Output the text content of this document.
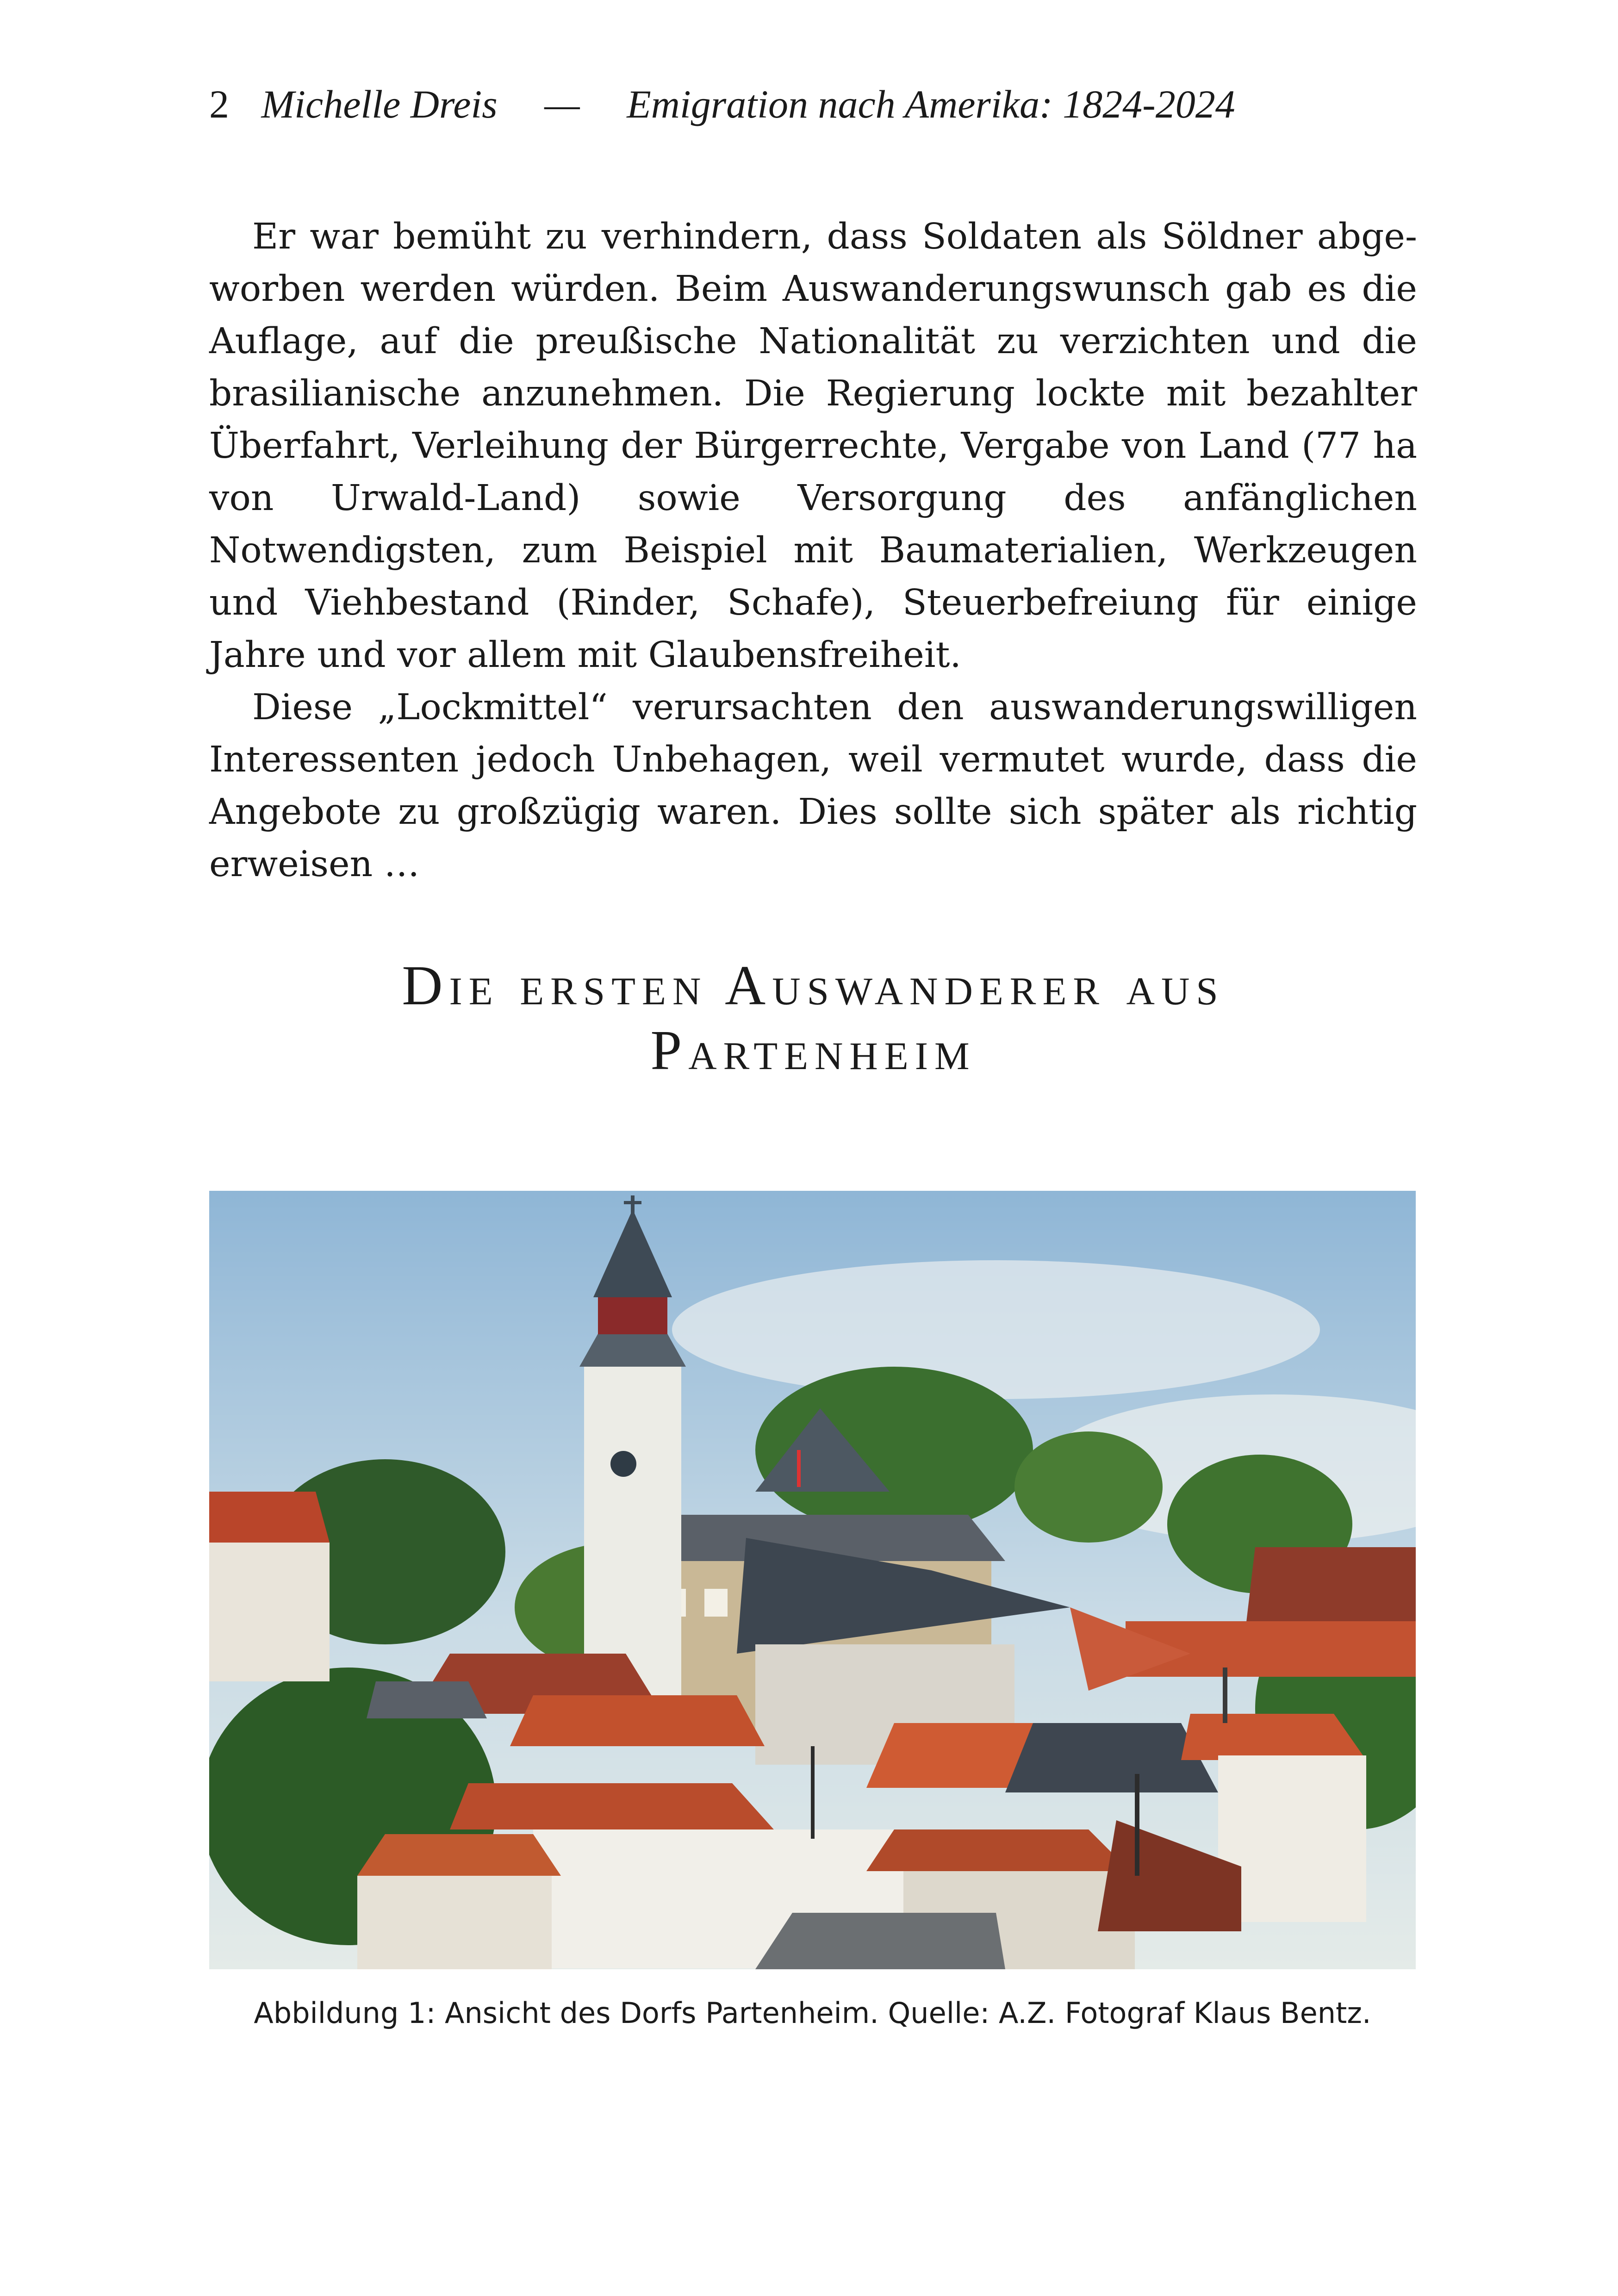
2 Michelle Dreis — Emigration nach Amerika: 1824-2024

Er war bemüht zu verhindern, dass Soldaten als Söldner abgeworben werden würden. Beim Auswanderungswunsch gab es die Auflage, auf die preußische Nationalität zu verzichten und die brasilianische anzunehmen. Die Regierung lockte mit bezahlter Überfahrt, Verleihung der Bürgerrechte, Vergabe von Land (77 ha von Urwald-Land) sowie Versorgung des anfänglichen Notwendigsten, zum Beispiel mit Baumaterialien, Werkzeugen und Viehbestand (Rinder, Schafe), Steuerbefreiung für einige Jahre und vor allem mit Glaubensfreiheit.

Diese „Lockmittel“ verursachten den auswanderungswilligen Interessenten jedoch Unbehagen, weil vermutet wurde, dass die Angebote zu großzügig waren. Dies sollte sich später als richtig erweisen …

Die ersten Auswanderer aus
Partenheim
Abbildung 1: Ansicht des Dorfs Partenheim. Quelle: A.Z. Fotograf Klaus Bentz.
